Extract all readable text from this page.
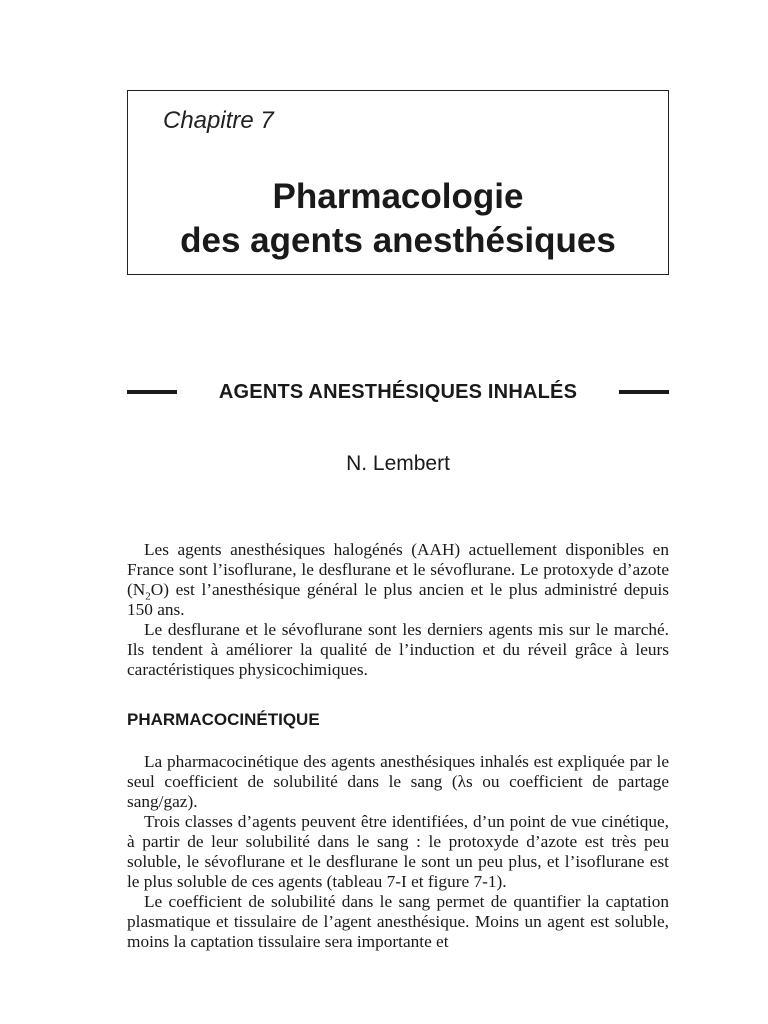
Chapitre 7
Pharmacologie
des agents anesthésiques
AGENTS ANESTHÉSIQUES INHALÉS
N. Lembert

Les agents anesthésiques halogénés (AAH) actuellement disponibles en France sont l’isoflurane, le desflurane et le sévoflurane. Le protoxyde d’azote $(N_2O)$ est l’anesthésique général le plus ancien et le plus administré depuis 150 ans.

Le desflurane et le sévoflurane sont les derniers agents mis sur le marché. Ils tendent à améliorer la qualité de l’induction et du réveil grâce à leurs caractéristiques physicochimiques.

PHARMACOCINÉTIQUE

La pharmacocinétique des agents anesthésiques inhalés est expliquée par le seul coefficient de solubilité dans le sang (λs ou coefficient de partage sang/gaz).

Trois classes d’agents peuvent être identifiées, d’un point de vue cinétique, à partir de leur solubilité dans le sang : le protoxyde d’azote est très peu soluble, le sévoflurane et le desflurane le sont un peu plus, et l’isoflurane est le plus soluble de ces agents (tableau 7-I et figure 7-1).

Le coefficient de solubilité dans le sang permet de quantifier la captation plasmatique et tissulaire de l’agent anesthésique. Moins un agent est soluble, moins la captation tissulaire sera importante et
